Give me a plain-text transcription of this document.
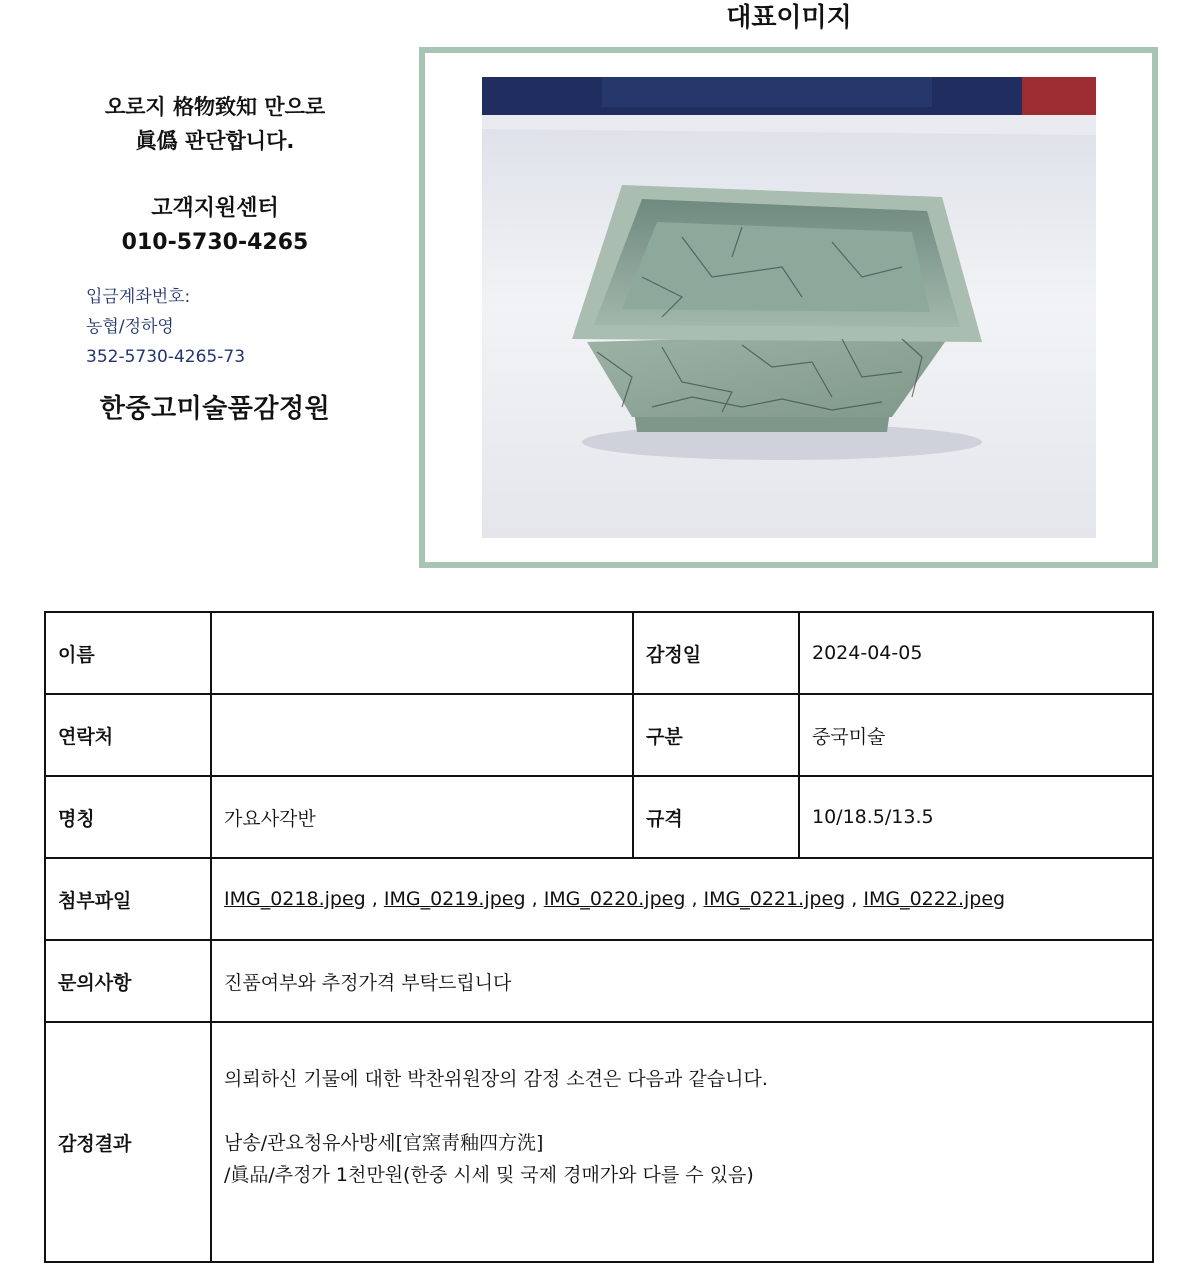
오로지 格物致知 만으로
眞僞 판단합니다.
고객지원센터
010-5730-4265
입금계좌번호:
농협/정하영
352-5730-4265-73
한중고미술품감정원
대표이미지
이름		감정일	2024-04-05
연락처		구분	중국미술
명칭	가요사각반	규격	10/18.5/13.5
첨부파일	IMG_0218.jpeg , IMG_0219.jpeg , IMG_0220.jpeg , IMG_0221.jpeg , IMG_0222.jpeg		
문의사항	진품여부와 추정가격 부탁드립니다		
감정결과	의뢰하신 기물에 대한 박찬위원장의 감정 소견은 다음과 같습니다.
남송/관요청유사방세[官窯靑釉四方洗]
/眞品/추정가 1천만원(한중 시세 및 국제 경매가와 다를 수 있음)		
